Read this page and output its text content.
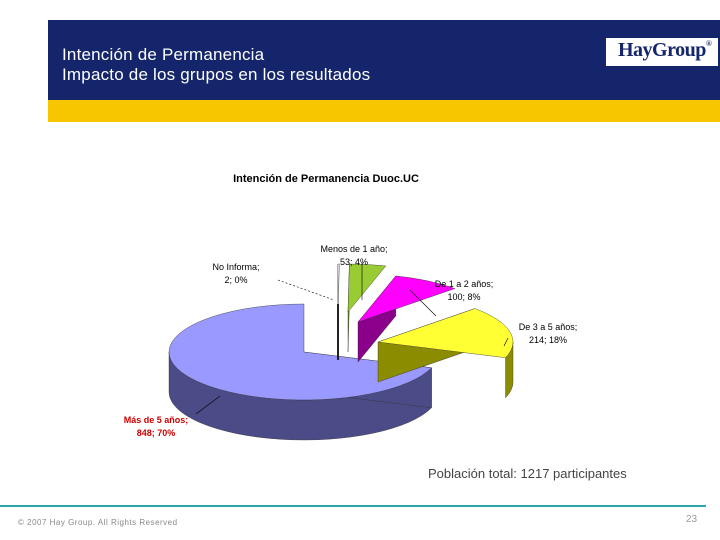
Intención de Permanencia
Impacto de los grupos en los resultados
HayGroup®
Intención de Permanencia Duoc.UC
No Informa;
2; 0%
Menos de 1 año;
53; 4%
De 1 a 2 años;
100; 8%
De 3 a 5 años;
214; 18%
Más de 5 años;
848; 70%
Población total: 1217 participantes
© 2007 Hay Group. All Rights Reserved	23
